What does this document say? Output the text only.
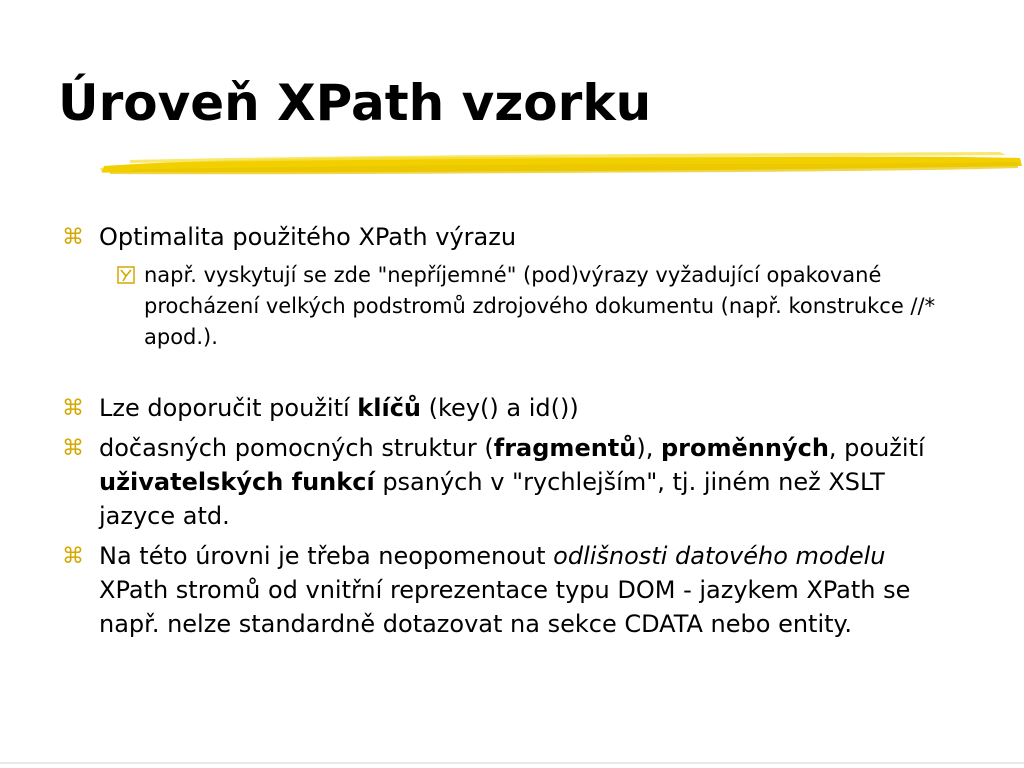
Úroveň XPath vzorku
⌘ Optimalita použitého XPath výrazu
např. vyskytují se zde "nepříjemné" (pod)výrazy vyžadující opakované procházení velkých podstromů zdrojového dokumentu (např. konstrukce //* apod.).
⌘ Lze doporučit použití klíčů (key() a id())
⌘ dočasných pomocných struktur (fragmentů), proměnných, použití uživatelských funkcí psaných v "rychlejším", tj. jiném než XSLT jazyce atd.
⌘ Na této úrovni je třeba neopomenout odlišnosti datového modelu XPath stromů od vnitřní reprezentace typu DOM - jazykem XPath se např. nelze standardně dotazovat na sekce CDATA nebo entity.
